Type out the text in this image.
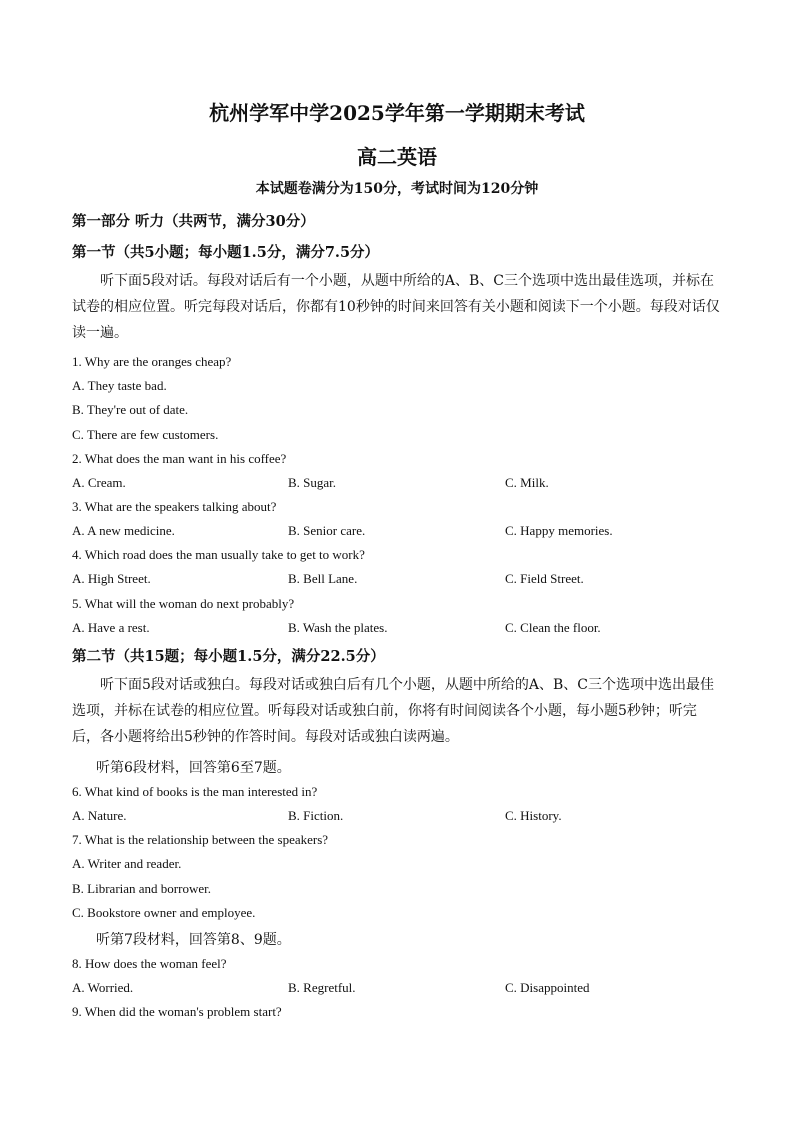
杭州学军中学2025学年第一学期期末考试
高二英语
本试题卷满分为150分，考试时间为120分钟
第一部分 听力（共两节，满分30分）
第一节（共5小题；每小题1.5分，满分7.5分）
听下面5段对话。每段对话后有一个小题，从题中所给的A、B、C三个选项中选出最佳选项，并标在试卷的相应位置。听完每段对话后，你都有10秒钟的时间来回答有关小题和阅读下一个小题。每段对话仅读一遍。
1. Why are the oranges cheap?
A. They taste bad.
B. They're out of date.
C. There are few customers.
2. What does the man want in his coffee?
A. Cream.	B. Sugar.	C. Milk.
3. What are the speakers talking about?
A. A new medicine.	B. Senior care.	C. Happy memories.
4. Which road does the man usually take to get to work?
A. High Street.	B. Bell Lane.	C. Field Street.
5. What will the woman do next probably?
A. Have a rest.	B. Wash the plates.	C. Clean the floor.
第二节（共15题；每小题1.5分，满分22.5分）
听下面5段对话或独白。每段对话或独白后有几个小题，从题中所给的A、B、C三个选项中选出最佳选项，并标在试卷的相应位置。听每段对话或独白前，你将有时间阅读各个小题，每小题5秒钟；听完后，各小题将给出5秒钟的作答时间。每段对话或独白读两遍。
听第6段材料，回答第6至7题。
6. What kind of books is the man interested in?
A. Nature.	B. Fiction.	C. History.
7. What is the relationship between the speakers?
A. Writer and reader.
B. Librarian and borrower.
C. Bookstore owner and employee.
听第7段材料，回答第8、9题。
8. How does the woman feel?
A. Worried.	B. Regretful.	C. Disappointed
9. When did the woman's problem start?
